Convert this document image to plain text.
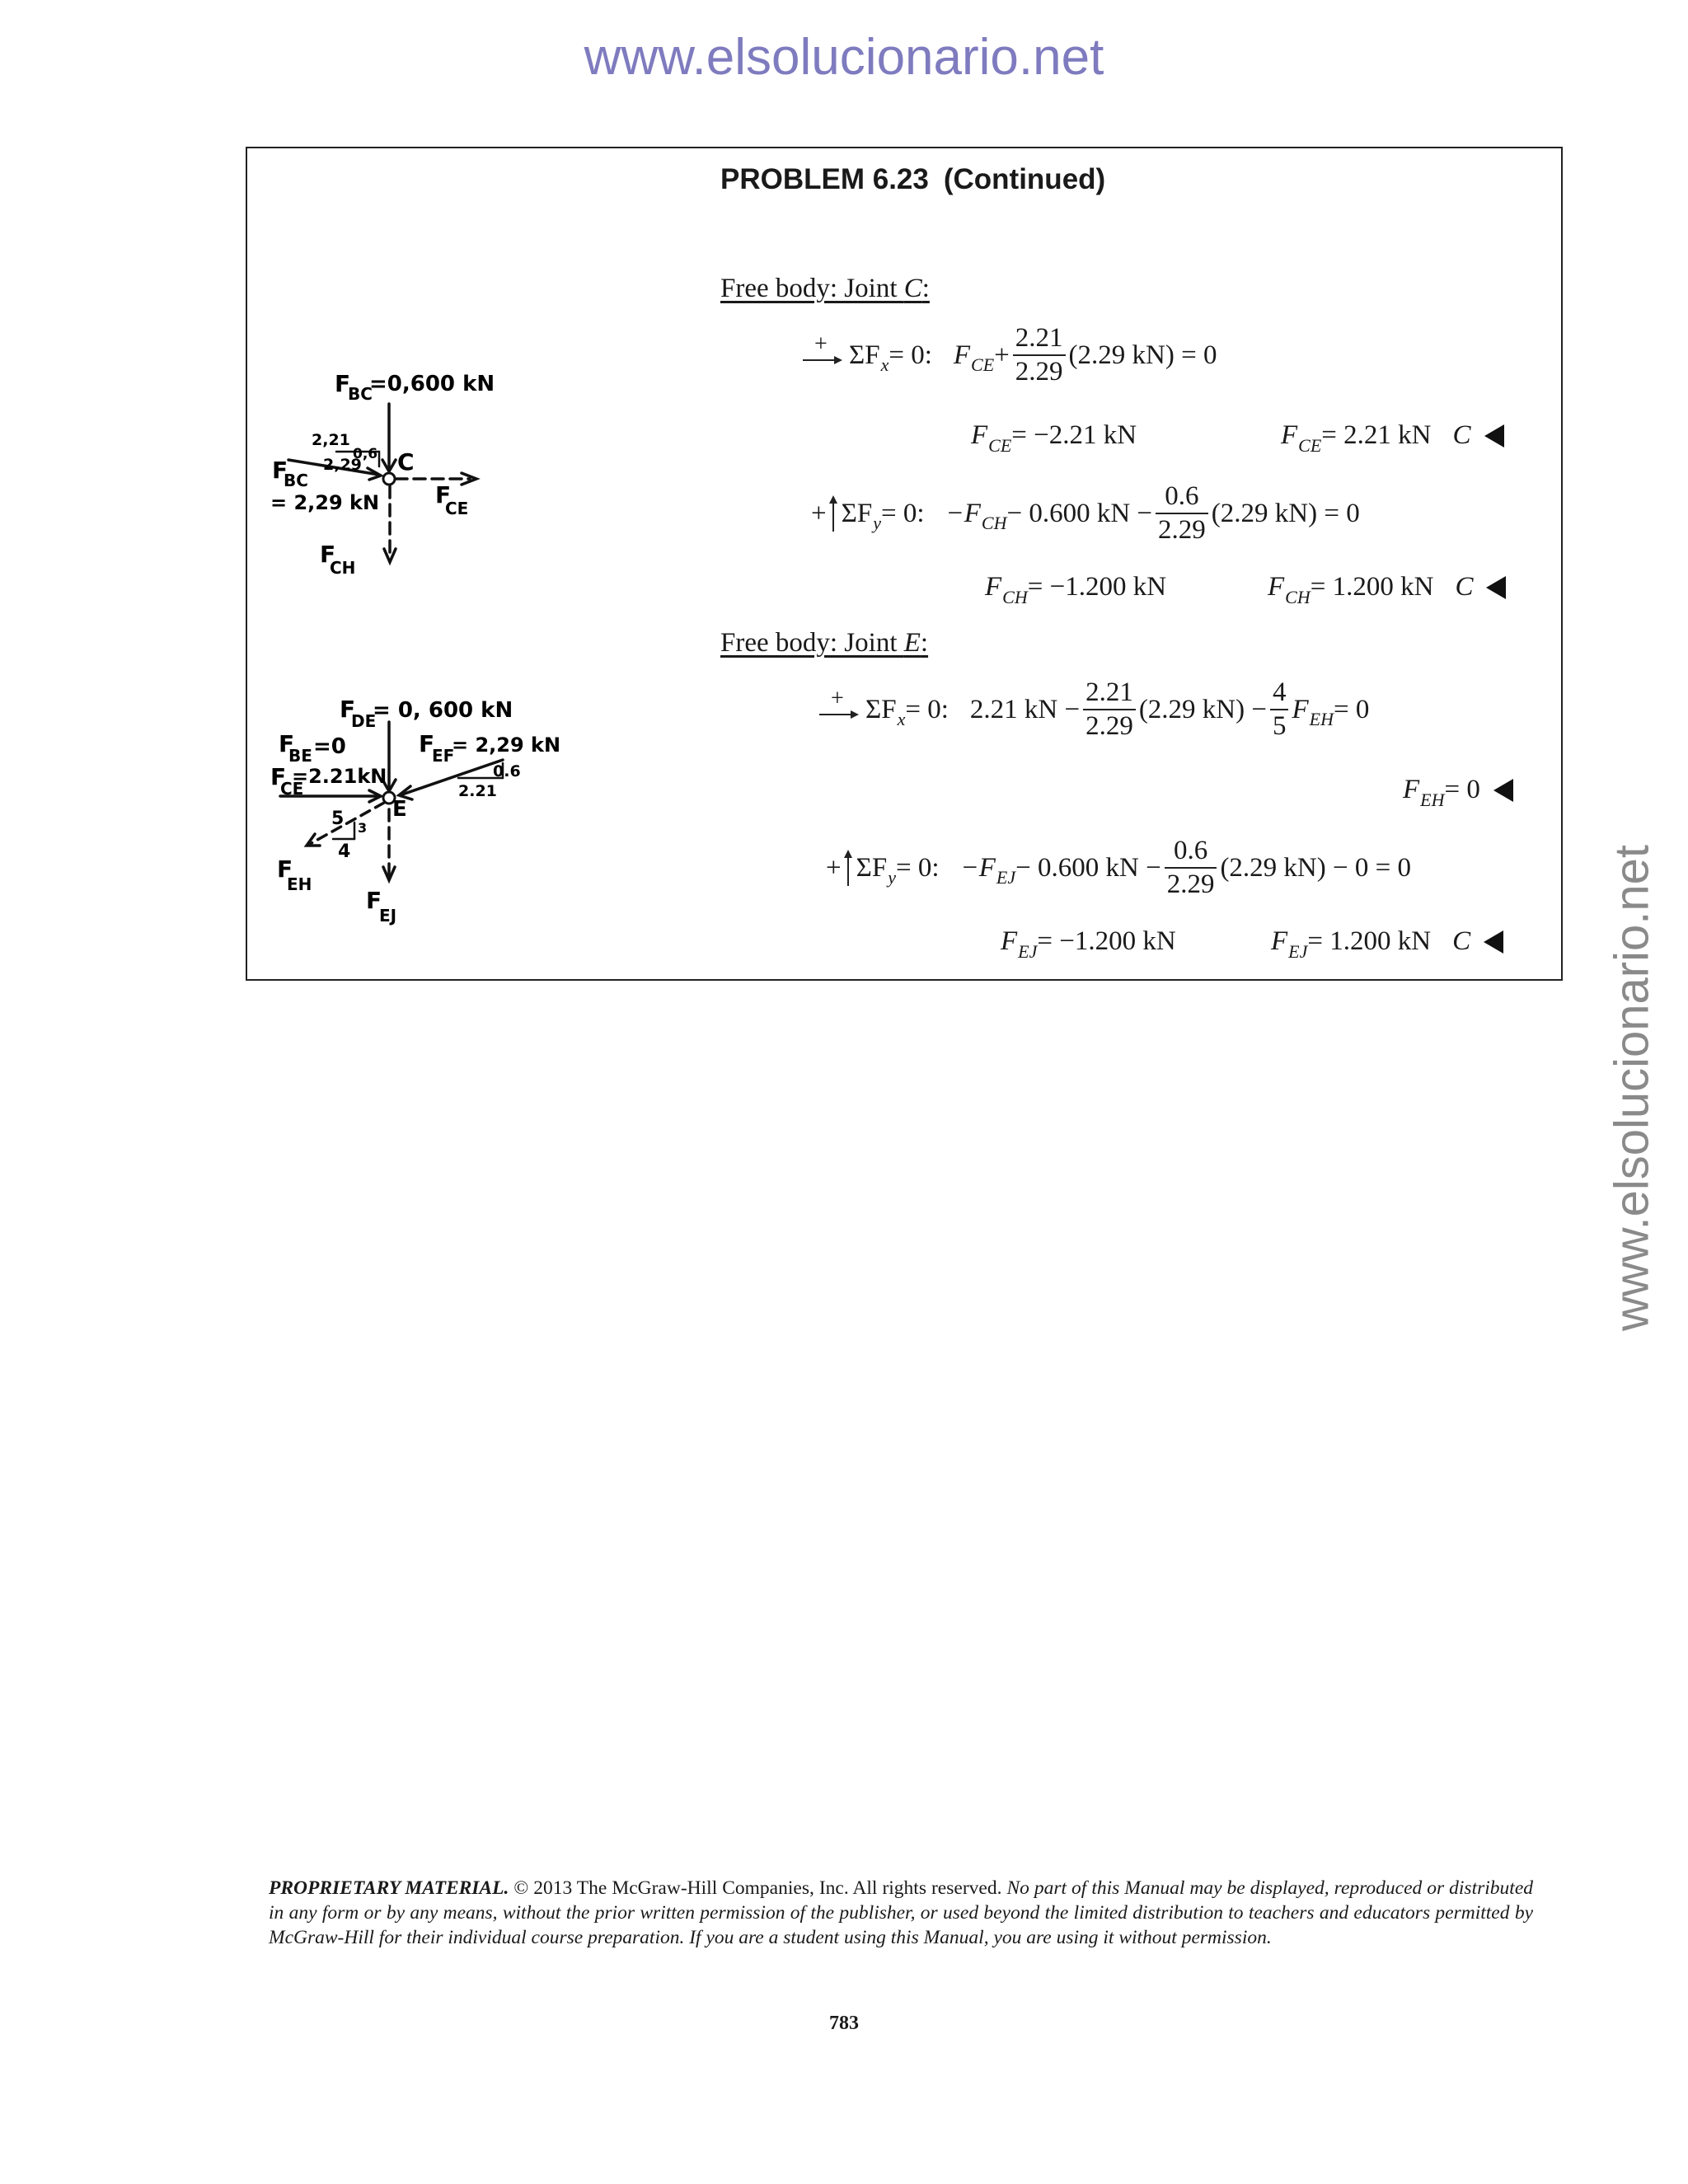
www.elsolucionario.net
www.elsolucionario.net
PROBLEM 6.23 (Continued)
Free body: Joint C:
+ ΣF x = 0: F CE + $\frac{2.21}{2.29} (2.29$ kN) = 0
F CE = −2.21 kN	F CE = 2.21 kN C
+ ΣF y = 0: −F CH − 0.600 kN − $\frac{0.6}{2.29} (2.29$ kN) = 0
F CH = −1.200 kN	F CH = 1.200 kN C
Free body: Joint E:
+ ΣF x = 0: 2.21 kN − $\frac{2.21}{2.29} (2.29$ $kN) - \frac{4}{5}$ F EH = 0
F EH = 0
+ ΣF y = 0: −F EJ − 0.600 kN − $\frac{0.6}{2.29} (2.29$ kN) − 0 = 0
F EJ = −1.200 kN	F EJ = 1.200 kN C
F
BC
=0,600 kN
2,21
0,6
2,29 C
F
BC
= 2,29 kN F
CE
F
CH
F
DE
= 0, 600 kN
F
BE =0
F
CE
=2.21kN
F
EF
= 2,29 kN
0.6
2.21
E
5 3
4
F
EH
F
EJ
PROPRIETARY MATERIAL. © 2013 The McGraw-Hill Companies, Inc. All rights reserved. No part of this Manual may be displayed, reproduced or distributed in any form or by any means, without the prior written permission of the publisher, or used beyond the limited distribution to teachers and educators permitted by McGraw-Hill for their individual course preparation. If you are a student using this Manual, you are using it without permission.
783
